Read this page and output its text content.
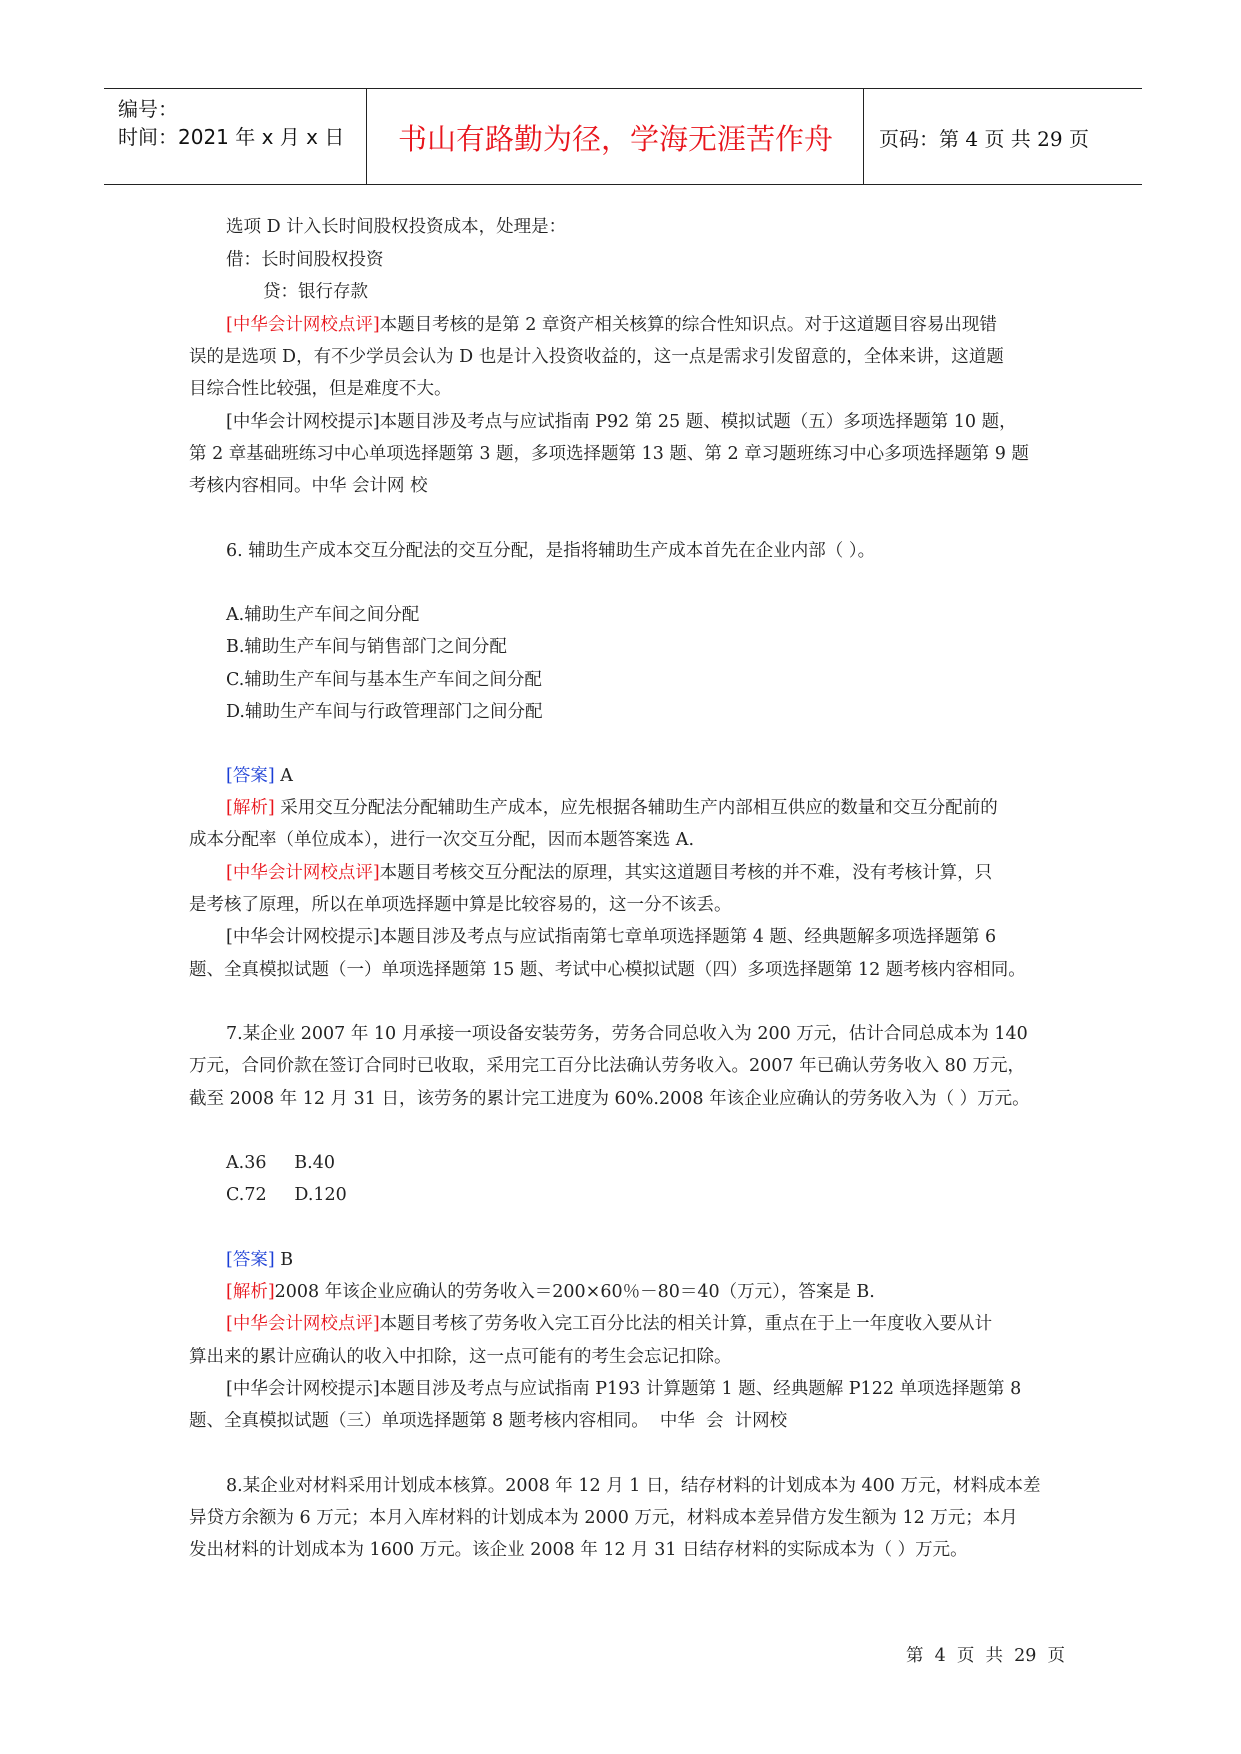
编号：
时间：2021 年 x 月 x 日	书山有路勤为径，学海无涯苦作舟	页码：第 4 页 共 29 页
选项 D 计入长时间股权投资成本，处理是：
借：长时间股权投资
贷：银行存款
[中华会计网校点评]本题目考核的是第 2 章资产相关核算的综合性知识点。对于这道题目容易出现错
误的是选项 D，有不少学员会认为 D 也是计入投资收益的，这一点是需求引发留意的，全体来讲，这道题
目综合性比较强，但是难度不大。
[中华会计网校提示]本题目涉及考点与应试指南 P92 第 25 题、模拟试题（五）多项选择题第 10 题，
第 2 章基础班练习中心单项选择题第 3 题，多项选择题第 13 题、第 2 章习题班练习中心多项选择题第 9 题
考核内容相同。中华 会计网 校
6. 辅助生产成本交互分配法的交互分配，是指将辅助生产成本首先在企业内部（ ）。
A.辅助生产车间之间分配
B.辅助生产车间与销售部门之间分配
C.辅助生产车间与基本生产车间之间分配
D.辅助生产车间与行政管理部门之间分配
[答案] A
[解析] 采用交互分配法分配辅助生产成本，应先根据各辅助生产内部相互供应的数量和交互分配前的
成本分配率（单位成本），进行一次交互分配，因而本题答案选 A.
[中华会计网校点评]本题目考核交互分配法的原理，其实这道题目考核的并不难，没有考核计算，只
是考核了原理，所以在单项选择题中算是比较容易的，这一分不该丢。
[中华会计网校提示]本题目涉及考点与应试指南第七章单项选择题第 4 题、经典题解多项选择题第 6
题、全真模拟试题（一）单项选择题第 15 题、考试中心模拟试题（四）多项选择题第 12 题考核内容相同。
7.某企业 2007 年 10 月承接一项设备安装劳务，劳务合同总收入为 200 万元，估计合同总成本为 140
万元，合同价款在签订合同时已收取，采用完工百分比法确认劳务收入。2007 年已确认劳务收入 80 万元，
截至 2008 年 12 月 31 日，该劳务的累计完工进度为 60%.2008 年该企业应确认的劳务收入为（ ）万元。
A.36     B.40
C.72     D.120
[答案] B
[解析]2008 年该企业应确认的劳务收入＝200×60％－80＝40（万元），答案是 B.
[中华会计网校点评]本题目考核了劳务收入完工百分比法的相关计算，重点在于上一年度收入要从计
算出来的累计应确认的收入中扣除，这一点可能有的考生会忘记扣除。
[中华会计网校提示]本题目涉及考点与应试指南 P193 计算题第 1 题、经典题解 P122 单项选择题第 8
题、全真模拟试题（三）单项选择题第 8 题考核内容相同。  中华  会  计网校
8.某企业对材料采用计划成本核算。2008 年 12 月 1 日，结存材料的计划成本为 400 万元，材料成本差
异贷方余额为 6 万元；本月入库材料的计划成本为 2000 万元，材料成本差异借方发生额为 12 万元；本月
发出材料的计划成本为 1600 万元。该企业 2008 年 12 月 31 日结存材料的实际成本为（ ）万元。
第  4  页  共  29  页
